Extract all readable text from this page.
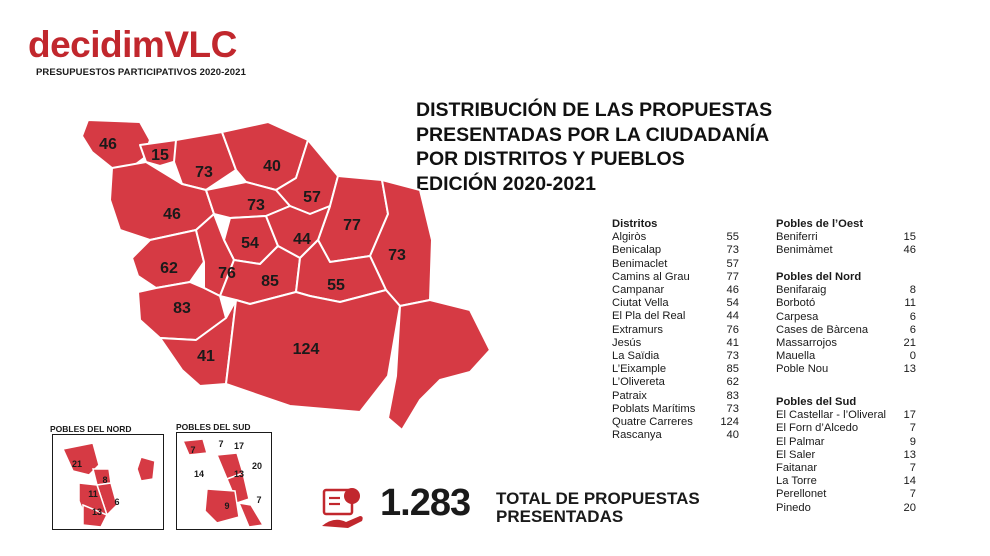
decidimVLC
PRESUPUESTOS PARTICIPATIVOS 2020-2021
DISTRIBUCIÓN DE LAS PROPUESTAS
PRESENTADAS POR LA CIUDADANÍA
POR DISTRITOS Y PUEBLOS
EDICIÓN 2020-2021
46
15
73	40
46
73 57
77
54 44
73
62	76 85	55
83
41	124
Distritos
Algiròs	55
Benicalap	73
Benimaclet	57
Camins al Grau	77
Campanar	46
Ciutat Vella	54
El Pla del Real	44
Extramurs	76
Jesús	41
La Saïdia	73
L’Eixample	85
L’Olivereta	62
Patraix	83
Poblats Marítims	73
Quatre Carreres 124
Rascanya	40
Pobles de l’Oest
Beniferri	15
Benimàmet	46
Pobles del Nord
Benifaraig	8
Borbotó	11
Carpesa	6
Cases de Bàrcena	6
Massarrojos	21
Mauella	0
Poble Nou	13
Pobles del Sud
El Castellar - l’Oliveral 17
El Forn d’Alcedo	7
El Palmar	9
El Saler	13
Faitanar	7
La Torre	14
Perellonet	7
Pinedo	20
POBLES DEL NORD
21
8
6
11
13
POBLES DEL SUD
7
7 17
14
20
13
7
9	1.283 TOTAL DE PROPUESTAS
PRESENTADAS
